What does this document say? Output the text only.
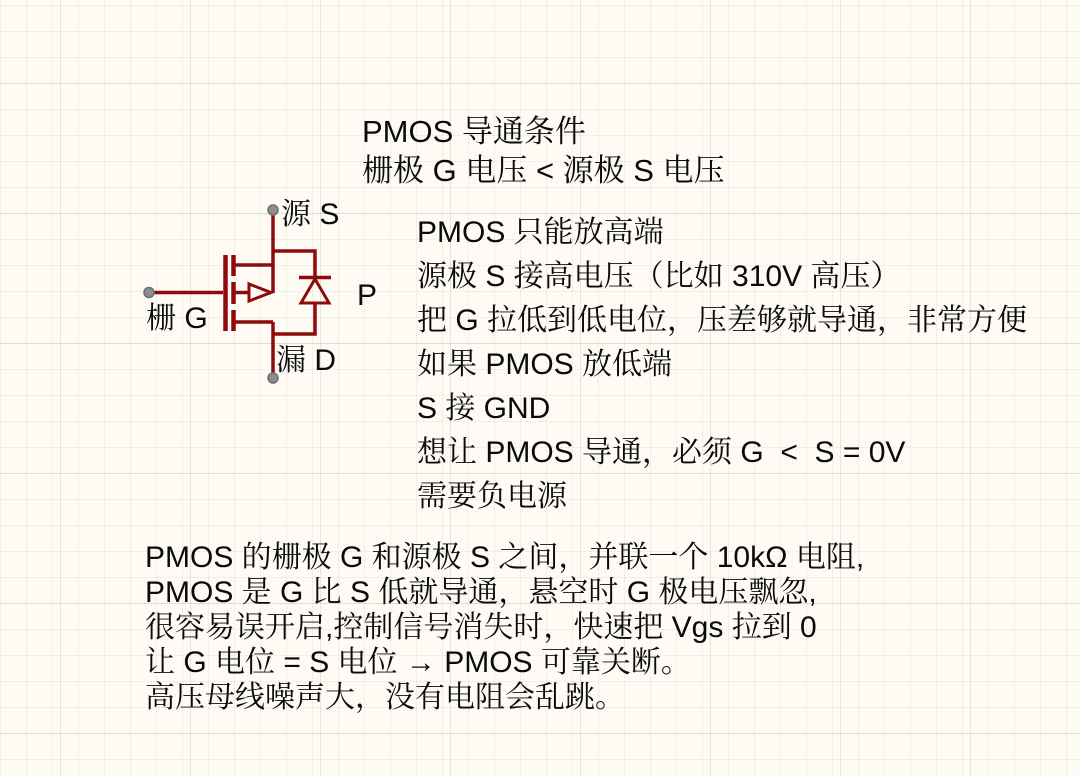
源 S
栅 G
漏 D
P

PMOS 导通条件

栅极 G 电压 < 源极 S 电压

PMOS 只能放高端

源极 S 接高电压（比如 310V 高压）

把 G 拉低到低电位，压差够就导通，非常方便

如果 PMOS 放低端

S 接 GND

想让 PMOS 导通，必须 G  <  S = 0V

需要负电源

PMOS 的栅极 G 和源极 S 之间，并联一个 10kΩ 电阻,

PMOS 是 G 比 S 低就导通，悬空时 G 极电压飘忽,

很容易误开启,控制信号消失时，快速把 Vgs 拉到 0

让 G 电位 = S 电位 → PMOS 可靠关断。

高压母线噪声大，没有电阻会乱跳。
